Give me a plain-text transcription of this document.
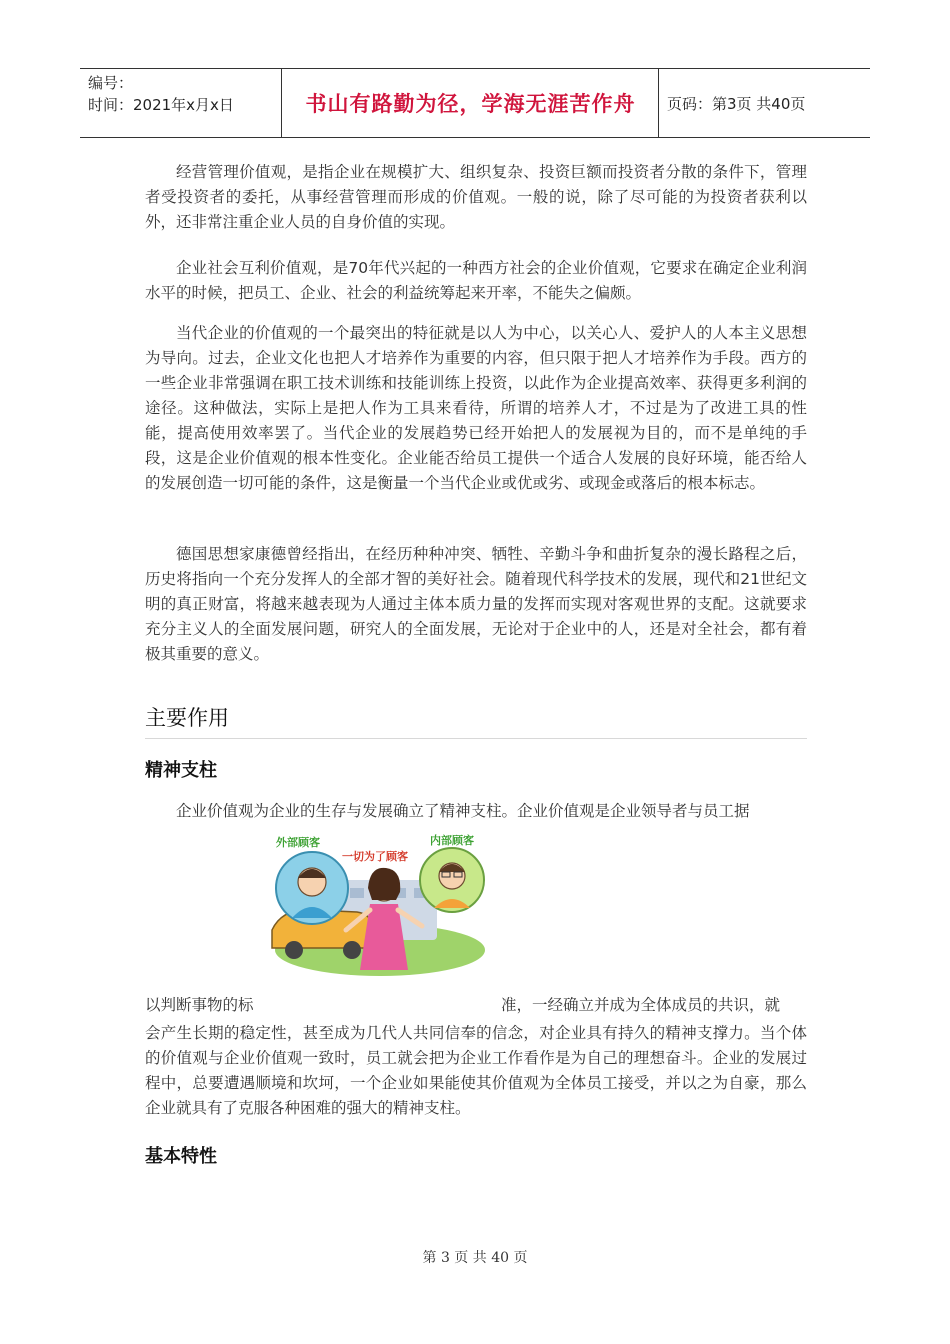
编号：
时间：2021年x月x日	书山有路勤为径，学海无涯苦作舟	页码：第3页 共40页

经营管理价值观，是指企业在规模扩大、组织复杂、投资巨额而投资者分散的条件下，管理者受投资者的委托，从事经营管理而形成的价值观。一般的说，除了尽可能的为投资者获利以外，还非常注重企业人员的自身价值的实现。

企业社会互利价值观，是70年代兴起的一种西方社会的企业价值观，它要求在确定企业利润水平的时候，把员工、企业、社会的利益统筹起来开率，不能失之偏颇。

当代企业的价值观的一个最突出的特征就是以人为中心，以关心人、爱护人的人本主义思想为导向。过去，企业文化也把人才培养作为重要的内容，但只限于把人才培养作为手段。西方的一些企业非常强调在职工技术训练和技能训练上投资，以此作为企业提高效率、获得更多利润的途径。这种做法，实际上是把人作为工具来看待，所谓的培养人才，不过是为了改进工具的性能，提高使用效率罢了。当代企业的发展趋势已经开始把人的发展视为目的，而不是单纯的手段，这是企业价值观的根本性变化。企业能否给员工提供一个适合人发展的良好环境，能否给人的发展创造一切可能的条件，这是衡量一个当代企业或优或劣、或现金或落后的根本标志。

德国思想家康德曾经指出，在经历种种冲突、牺牲、辛勤斗争和曲折复杂的漫长路程之后，历史将指向一个充分发挥人的全部才智的美好社会。随着现代科学技术的发展，现代和21世纪文明的真正财富，将越来越表现为人通过主体本质力量的发挥而实现对客观世界的支配。这就要求充分主义人的全面发展问题，研究人的全面发展，无论对于企业中的人，还是对全社会，都有着极其重要的意义。

主要作用
精神支柱

企业价值观为企业的生存与发展确立了精神支柱。企业价值观是企业领导者与员工据

外部顾客
一切为了顾客
内部顾客
以判断事物的标	准，一经确立并成为全体成员的共识，就

会产生长期的稳定性，甚至成为几代人共同信奉的信念，对企业具有持久的精神支撑力。当个体的价值观与企业价值观一致时，员工就会把为企业工作看作是为自己的理想奋斗。企业的发展过程中，总要遭遇顺境和坎坷，一个企业如果能使其价值观为全体员工接受，并以之为自豪，那么企业就具有了克服各种困难的强大的精神支柱。

基本特性
第 3 页 共 40 页
